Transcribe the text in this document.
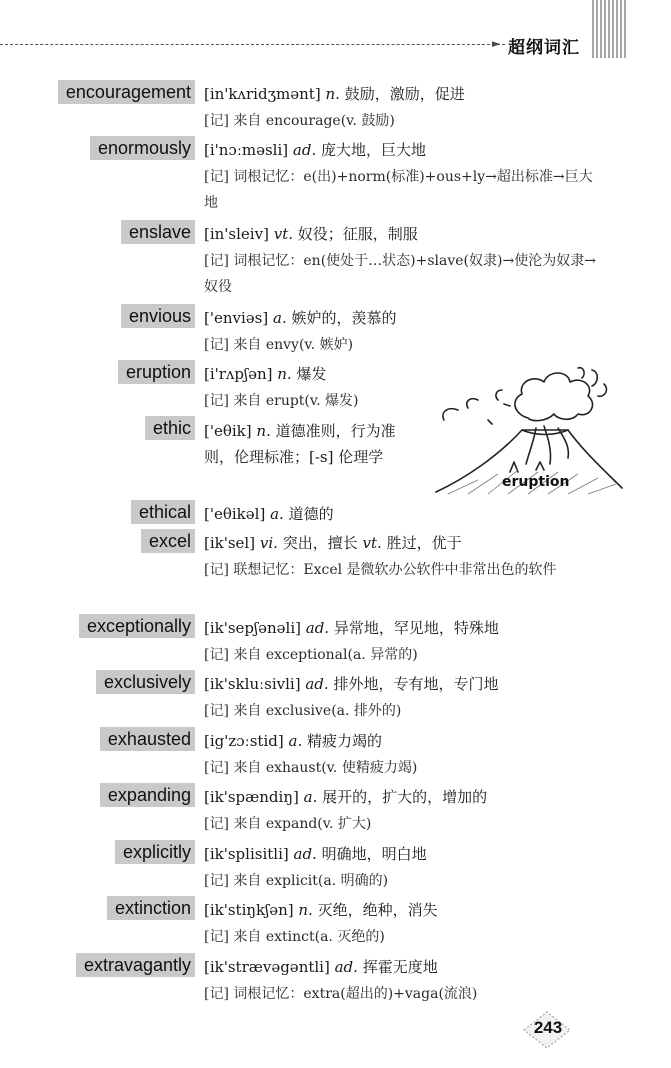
► 超纲词汇
encouragement [in'kʌridʒmənt] n. 鼓励，激励，促进
[记] 来自 encourage(v. 鼓励)
enormously [i'nɔːməsli] ad. 庞大地，巨大地
[记] 词根记忆：e(出)+norm(标准)+ous+ly→超出标准→巨大地
enslave [in'sleiv] vt. 奴役；征服，制服
[记] 词根记忆：en(使处于…状态)+slave(奴隶)→使沦为奴隶→奴役
envious ['enviəs] a. 嫉妒的，羡慕的
[记] 来自 envy(v. 嫉妒)
eruption [i'rʌpʃən] n. 爆发
[记] 来自 erupt(v. 爆发)
ethic ['eθik] n. 道德准则，行为准则，伦理标准；[-s] 伦理学
ethical ['eθikəl] a. 道德的
excel [ik'sel] vi. 突出，擅长 vt. 胜过，优于
[记] 联想记忆：Excel 是微软办公软件中非常出色的软件
exceptionally [ik'sepʃənəli] ad. 异常地，罕见地，特殊地
[记] 来自 exceptional(a. 异常的)
exclusively [ik'skluːsivli] ad. 排外地，专有地，专门地
[记] 来自 exclusive(a. 排外的)
exhausted [ig'zɔːstid] a. 精疲力竭的
[记] 来自 exhaust(v. 使精疲力竭)
expanding [ik'spændiŋ] a. 展开的，扩大的，增加的
[记] 来自 expand(v. 扩大)
explicitly [ik'splisitli] ad. 明确地，明白地
[记] 来自 explicit(a. 明确的)
extinction [ik'stiŋkʃən] n. 灭绝，绝种，消失
[记] 来自 extinct(a. 灭绝的)
extravagantly [ik'strævəgəntli] ad. 挥霍无度地
[记] 词根记忆：extra(超出的)+vaga(流浪)
eruption
243
